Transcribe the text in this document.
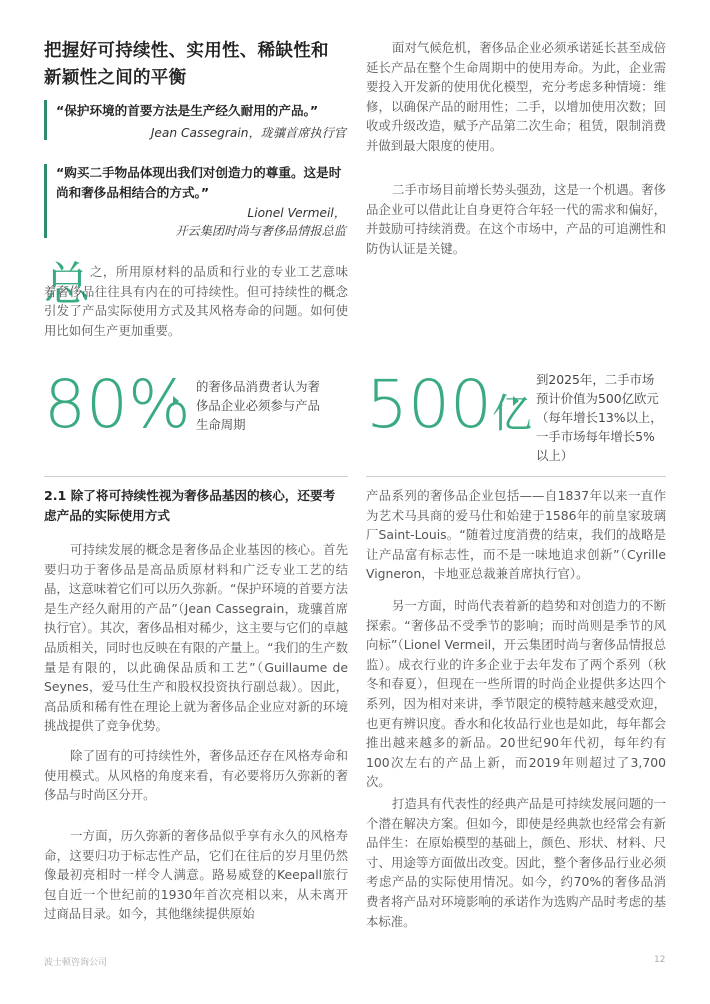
把握好可持续性、实用性、稀缺性和新颖性之间的平衡
“保护环境的首要方法是生产经久耐用的产品。”
Jean Cassegrain，珑骧首席执行官
“购买二手物品体现出我们对创造力的尊重。这是时尚和奢侈品相结合的方式。”
Lionel Vermeil，
开云集团时尚与奢侈品情报总监
总 之，所用原材料的品质和行业的专业工艺意味着奢侈品往往具有内在的可持续性。但可持续性的概念引发了产品实际使用方式及其风格寿命的问题。如何使用比如何生产更加重要。
面对气候危机，奢侈品企业必须承诺延长甚至成倍延长产品在整个生命周期中的使用寿命。为此，企业需要投入开发新的使用优化模型，充分考虑多种情境：维修，以确保产品的耐用性；二手，以增加使用次数；回收或升级改造，赋予产品第二次生命；租赁，限制消费并做到最大限度的使用。
二手市场目前增长势头强劲，这是一个机遇。奢侈品企业可以借此让自身更符合年轻一代的需求和偏好，并鼓励可持续消费。在这个市场中，产品的可追溯性和防伪认证是关键。
80% 的奢侈品消费者认为奢侈品企业必须参与产品生命周期	500亿
到2025年，二手市场预计价值为500亿欧元（每年增长13%以上，一手市场每年增长5%以上）
2.1 除了将可持续性视为奢侈品基因的核心，还要考虑产品的实际使用方式
可持续发展的概念是奢侈品企业基因的核心。首先要归功于奢侈品是高品质原材料和广泛专业工艺的结晶，这意味着它们可以历久弥新。“保护环境的首要方法是生产经久耐用的产品”（Jean Cassegrain，珑骧首席执行官）。其次，奢侈品相对稀少，这主要与它们的卓越品质相关，同时也反映在有限的产量上。“我们的生产数量是有限的，以此确保品质和工艺”（Guillaume de Seynes，爱马仕生产和股权投资执行副总裁）。因此，高品质和稀有性在理论上就为奢侈品企业应对新的环境挑战提供了竞争优势。
除了固有的可持续性外，奢侈品还存在风格寿命和使用模式。从风格的角度来看，有必要将历久弥新的奢侈品与时尚区分开。
一方面，历久弥新的奢侈品似乎享有永久的风格寿命，这要归功于标志性产品，它们在往后的岁月里仍然像最初亮相时一样令人满意。路易威登的Keepall旅行包自近一个世纪前的1930年首次亮相以来，从未离开过商品目录。如今，其他继续提供原始
产品系列的奢侈品企业包括——自1837年以来一直作为艺术马具商的爱马仕和始建于1586年的前皇家玻璃厂Saint-Louis。“随着过度消费的结束，我们的战略是让产品富有标志性，而不是一味地追求创新”（Cyrille Vigneron，卡地亚总裁兼首席执行官）。
另一方面，时尚代表着新的趋势和对创造力的不断探索。“奢侈品不受季节的影响；而时尚则是季节的风向标”（Lionel Vermeil，开云集团时尚与奢侈品情报总监）。成衣行业的许多企业于去年发布了两个系列（秋冬和春夏），但现在一些所谓的时尚企业提供多达四个系列，因为相对来讲，季节限定的模特越来越受欢迎，也更有辨识度。香水和化妆品行业也是如此，每年都会推出越来越多的新品。20世纪90年代初，每年约有100次左右的产品上新，而2019年则超过了3,700次。
打造具有代表性的经典产品是可持续发展问题的一个潜在解决方案。但如今，即使是经典款也经常会有新品伴生：在原始模型的基础上，颜色、形状、材料、尺寸、用途等方面做出改变。因此，整个奢侈品行业必须考虑产品的实际使用情况。如今，约70%的奢侈品消费者将产品对环境影响的承诺作为选购产品时考虑的基本标准。
波士顿咨询公司	12
